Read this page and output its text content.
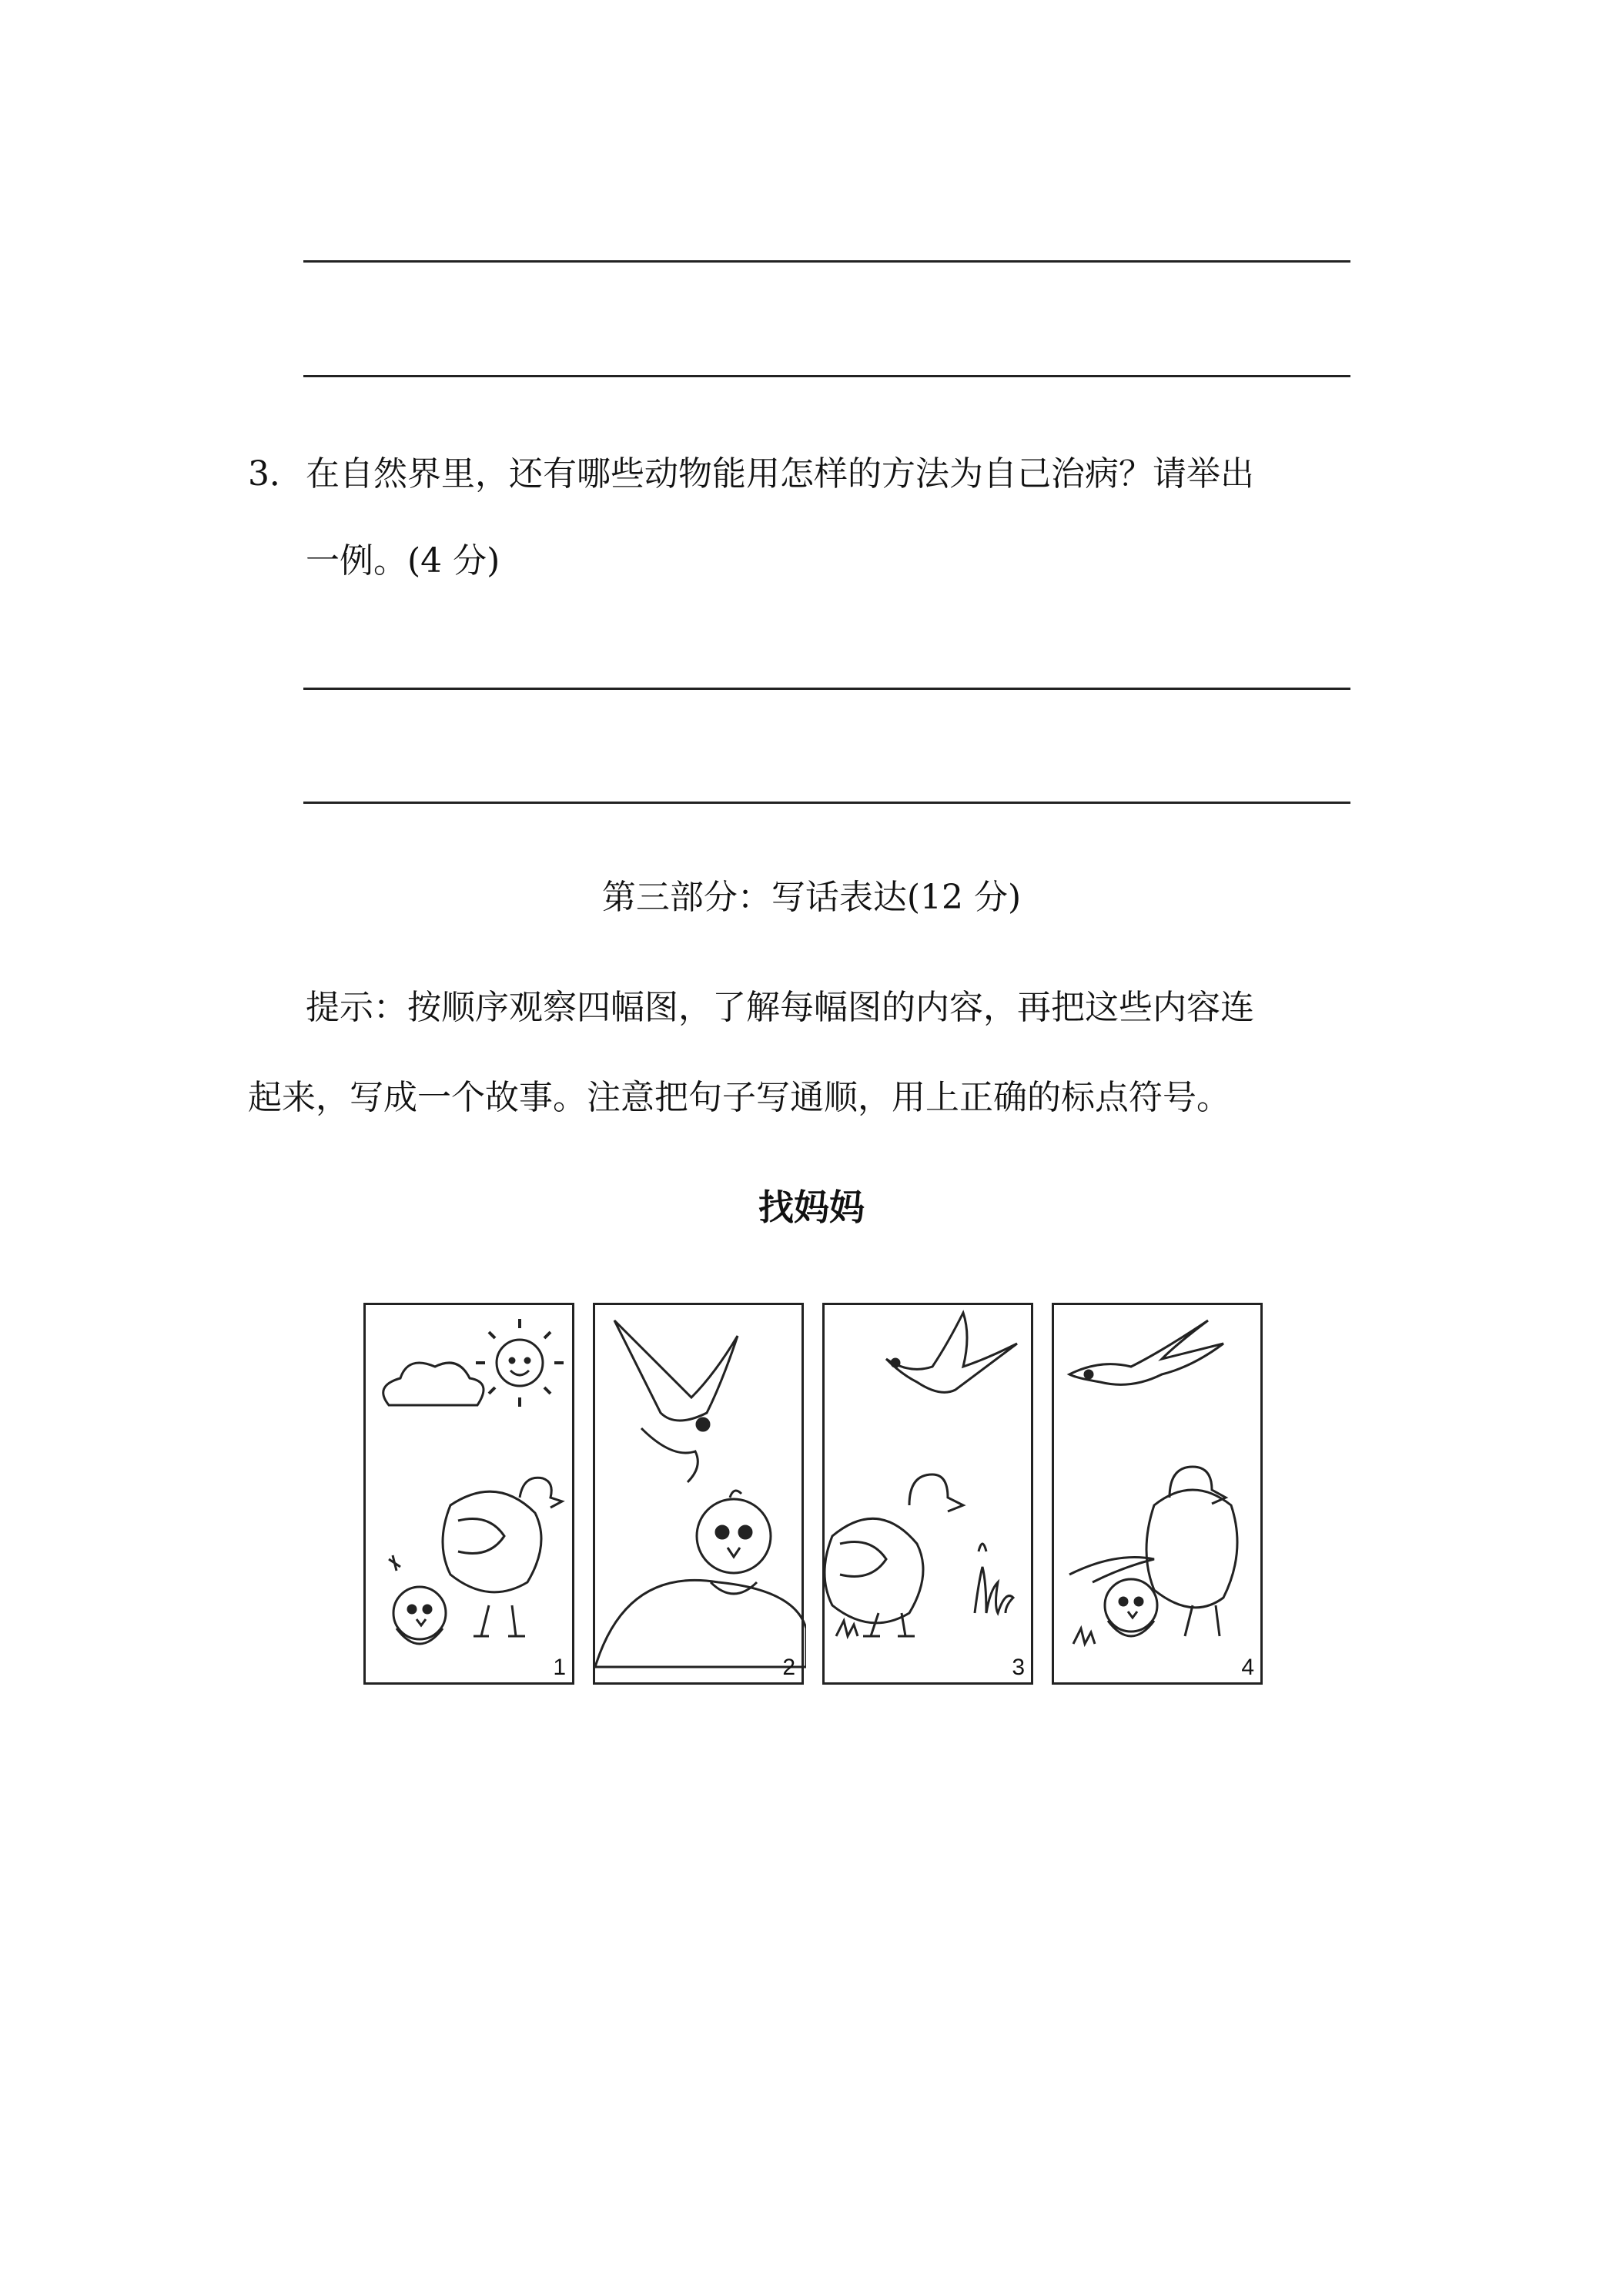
3． 在自然界里，还有哪些动物能用怎样的方法为自己治病？请举出
一例。(4 分)
第三部分：写话表达(12 分)
提示：按顺序观察四幅图，了解每幅图的内容，再把这些内容连
起来，写成一个故事。注意把句子写通顺，用上正确的标点符号。
找妈妈
1	2	3	4
